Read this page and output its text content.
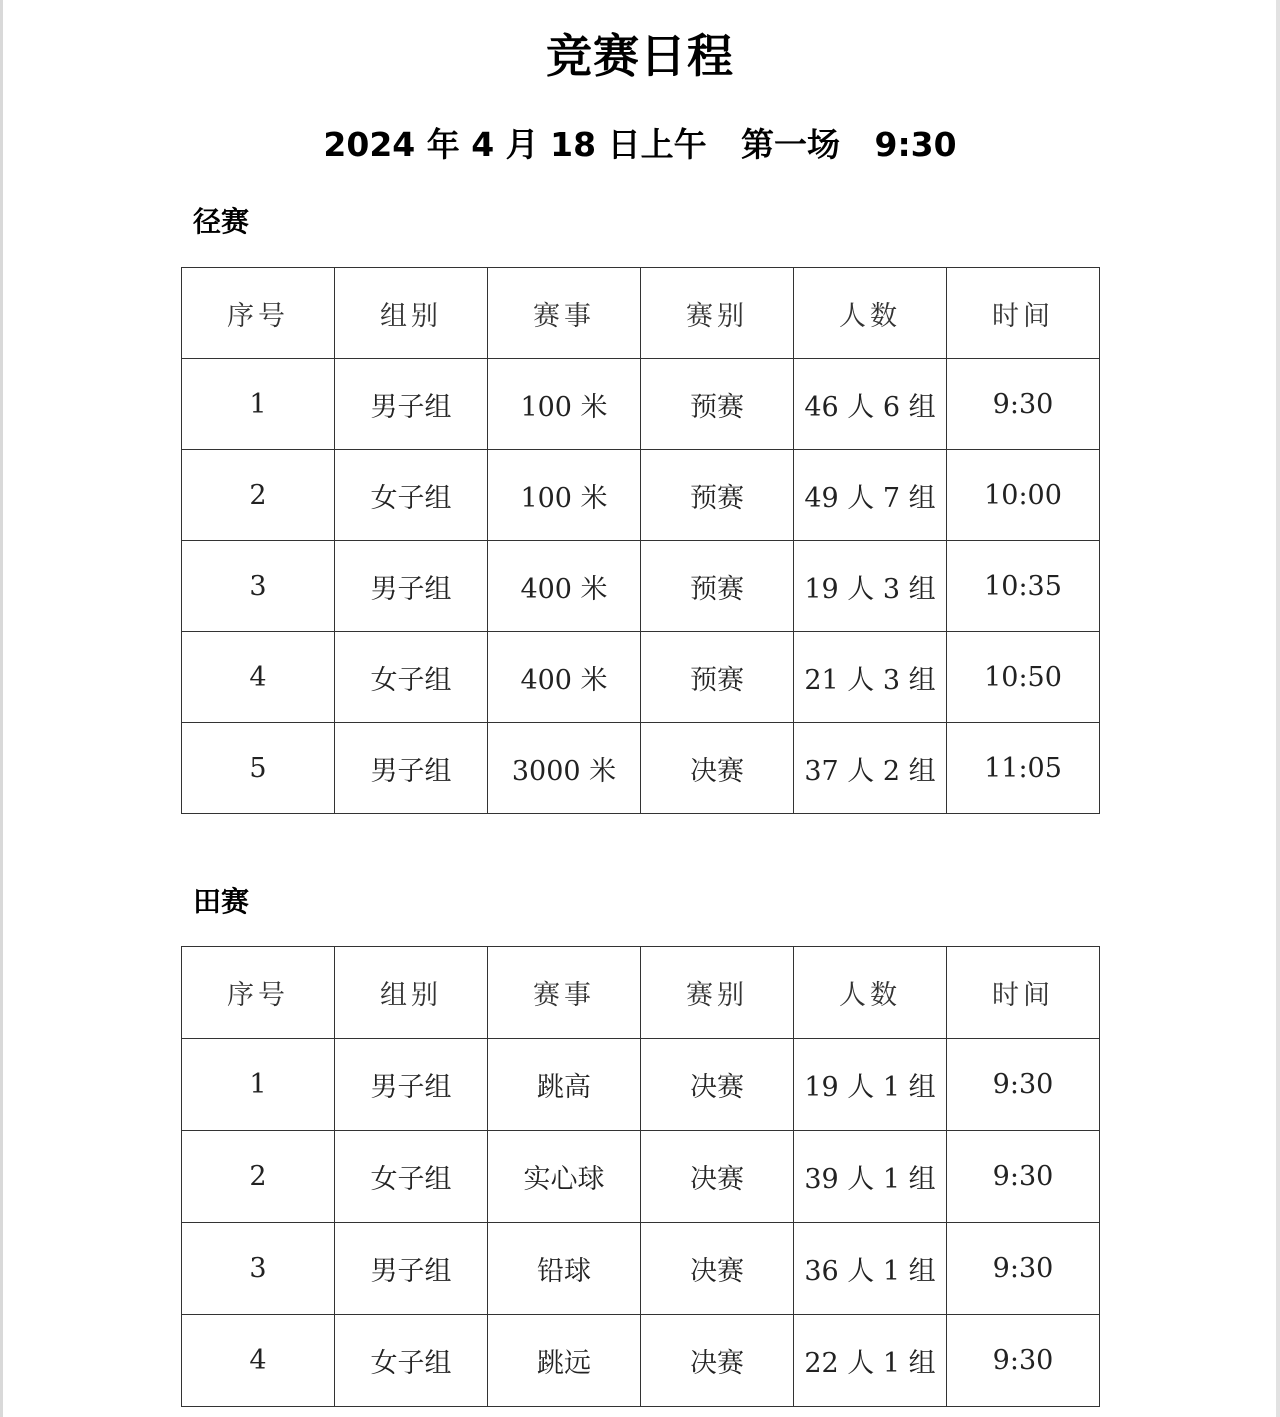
竞赛日程
2024 年 4 月 18 日上午   第一场   9:30
径赛
序号	组别	赛事	赛别	人数	时间
1	男子组	100 米	预赛	46 人 6 组	9:30
2	女子组	100 米	预赛	49 人 7 组	10:00
3	男子组	400 米	预赛	19 人 3 组	10:35
4	女子组	400 米	预赛	21 人 3 组	10:50
5	男子组	3000 米	决赛	37 人 2 组	11:05
田赛
序号	组别	赛事	赛别	人数	时间
1	男子组	跳高	决赛	19 人 1 组	9:30
2	女子组	实心球	决赛	39 人 1 组	9:30
3	男子组	铅球	决赛	36 人 1 组	9:30
4	女子组	跳远	决赛	22 人 1 组	9:30
